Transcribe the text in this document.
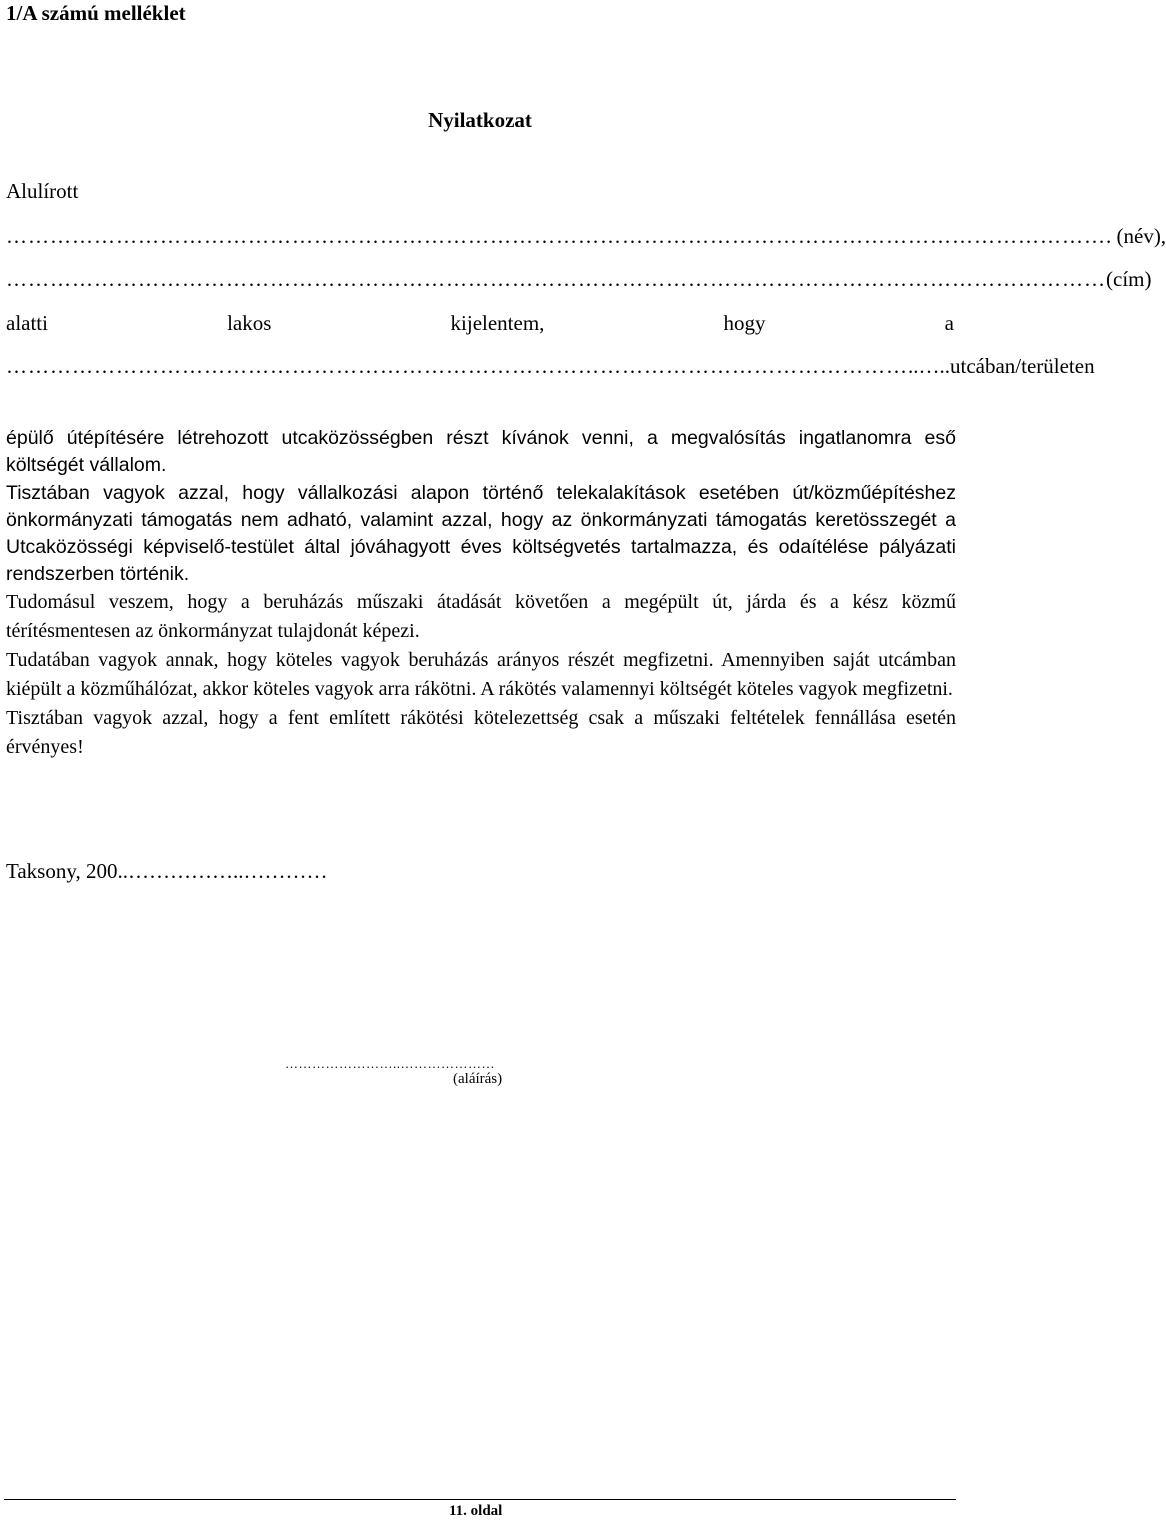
1/A számú melléklet
Nyilatkozat
Alulírott
…………………………………………………………………………………………………………………………………… . (név),
…………………………………………………………………………………………………………………………………… (cím)
alatti	lakos	kijelentem,	hogy	a
…………………………………………………………………………………………………………… ..…..utcában/területen

épülő útépítésére létrehozott utcaközösségben részt kívánok venni, a megvalósítás ingatlanomra eső költségét vállalom.

Tisztában vagyok azzal, hogy vállalkozási alapon történő telekalakítások esetében út/közműépítéshez önkormányzati támogatás nem adható, valamint azzal, hogy az önkormányzati támogatás keretösszegét a Utcaközösségi képviselő-testület által jóváhagyott éves költségvetés tartalmazza, és odaítélése pályázati rendszerben történik.

Tudomásul veszem, hogy a beruházás műszaki átadását követően a megépült út, járda és a kész közmű térítésmentesen az önkormányzat tulajdonát képezi.

Tudatában vagyok annak, hogy köteles vagyok beruházás arányos részét megfizetni. Amennyiben saját utcámban kiépült a közműhálózat, akkor köteles vagyok arra rákötni. A rákötés valamennyi költségét köteles vagyok megfizetni.

Tisztában vagyok azzal, hogy a fent említett rákötési kötelezettség csak a műszaki feltételek fennállása esetén érvényes!

Taksony, 200..……………..…………
……………………..…………………
(aláírás)
11. oldal
